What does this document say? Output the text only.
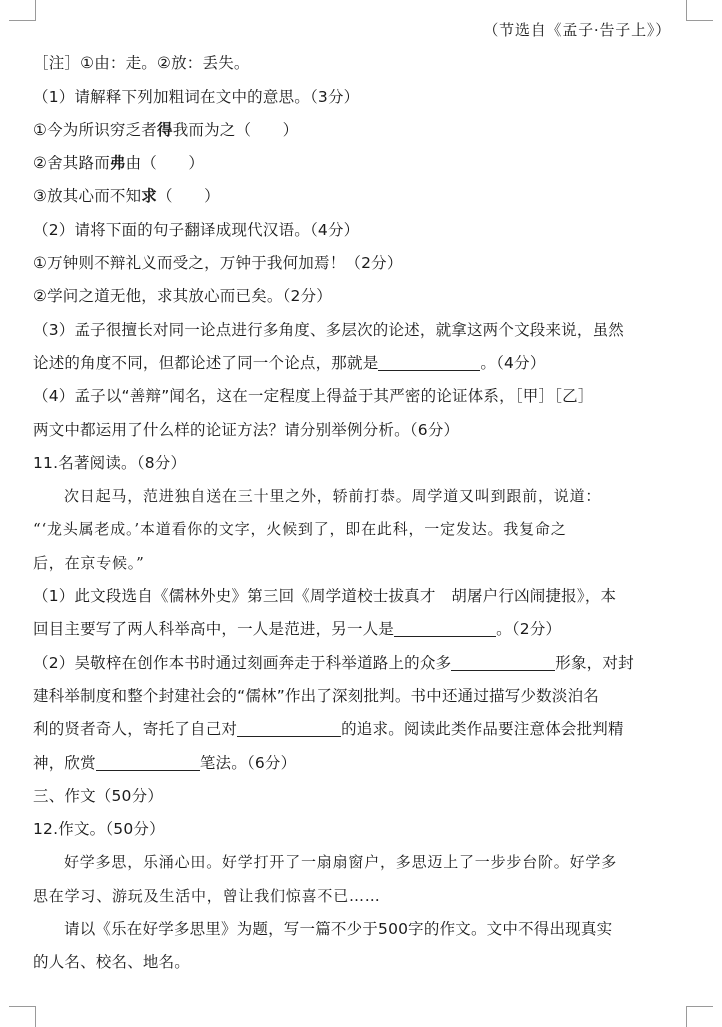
（节选自《孟子·告子上》）
［注］①由：走。②放：丢失。
（1）请解释下列加粗词在文中的意思。（3分）
①今为所识穷乏者得我而为之（　　）
②舍其路而弗由（　　）
③放其心而不知求（　　）
（2）请将下面的句子翻译成现代汉语。（4分）
①万钟则不辩礼义而受之，万钟于我何加焉！（2分）
②学问之道无他，求其放心而已矣。（2分）
（3）孟子很擅长对同一论点进行多角度、多层次的论述，就拿这两个文段来说，虽然
论述的角度不同，但都论述了同一个论点，那就是	。（4分）
（4）孟子以“善辩”闻名，这在一定程度上得益于其严密的论证体系，［甲］［乙］
两文中都运用了什么样的论证方法？请分别举例分析。（6分）
11.名著阅读。（8分）
次日起马，范进独自送在三十里之外，轿前打恭。周学道又叫到跟前，说道：
“‘龙头属老成。’本道看你的文字，火候到了，即在此科，一定发达。我复命之
后，在京专候。”
（1）此文段选自《儒林外史》第三回《周学道校士拔真才　胡屠户行凶闹捷报》，本
回目主要写了两人科举高中，一人是范进，另一人是	。（2分）
（2）吴敬梓在创作本书时通过刻画奔走于科举道路上的众多	形象，对封
建科举制度和整个封建社会的“儒林”作出了深刻批判。书中还通过描写少数淡泊名
利的贤者奇人，寄托了自己对	的追求。阅读此类作品要注意体会批判精
神，欣赏	笔法。（6分）
三、作文（50分）
12.作文。（50分）
好学多思，乐涌心田。好学打开了一扇扇窗户，多思迈上了一步步台阶。好学多
思在学习、游玩及生活中，曾让我们惊喜不已……
请以《乐在好学多思里》为题，写一篇不少于500字的作文。文中不得出现真实
的人名、校名、地名。
